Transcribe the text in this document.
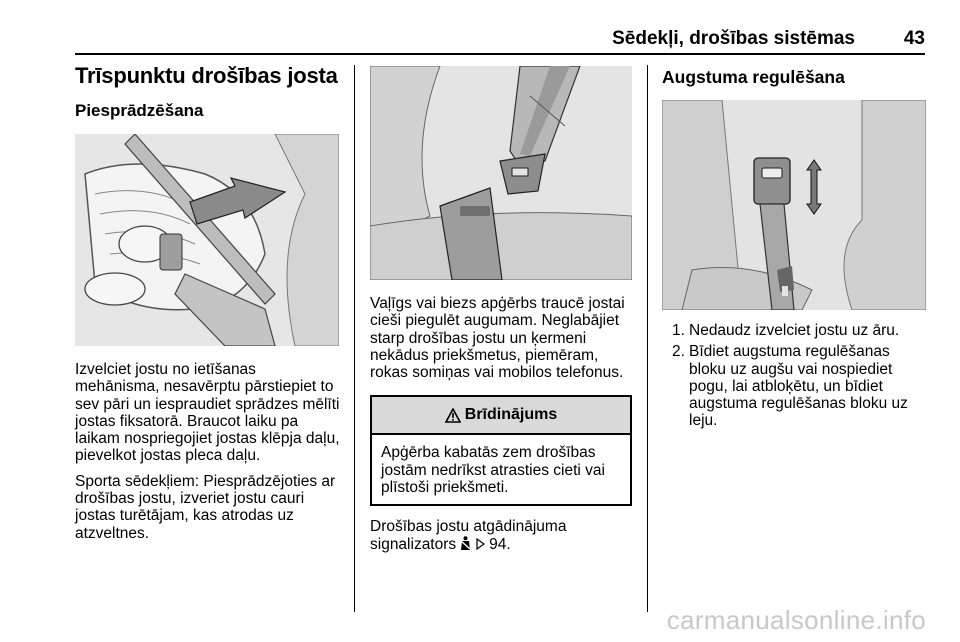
Sēdekļi, drošības sistēmas	43
Trīspunktu drošības josta
Piesprādzēšana

Izvelciet jostu no ietīšanas mehānisma, nesavērptu pārstiepiet to sev pāri un iespraudiet sprādzes mēlīti jostas fiksatorā. Braucot laiku pa laikam nospriegojiet jostas klēpja daļu, pievelkot jostas pleca daļu.

Sporta sēdekļiem: Piesprādzējoties ar drošības jostu, izveriet jostu cauri jostas turētājam, kas atrodas uz atzveltnes.

Vaļīgs vai biezs apģērbs traucē jostai cieši piegulēt augumam. Neglabājiet starp drošības jostu un ķermeni nekādus priekšmetus, piemēram, rokas somiņas vai mobilos telefonus.

Brīdinājums

Apģērba kabatās zem drošības jostām nedrīkst atrasties cieti vai plīstoši priekšmeti.

Drošības jostu atgādinājuma signalizators 94.

Augstuma regulēšana
1. Nedaudz izvelciet jostu uz āru.
2. Bīdiet augstuma regulēšanas bloku uz augšu vai nospiediet pogu, lai atbloķētu, un bīdiet augstuma regulēšanas bloku uz leju.
carmanualsonline.info
